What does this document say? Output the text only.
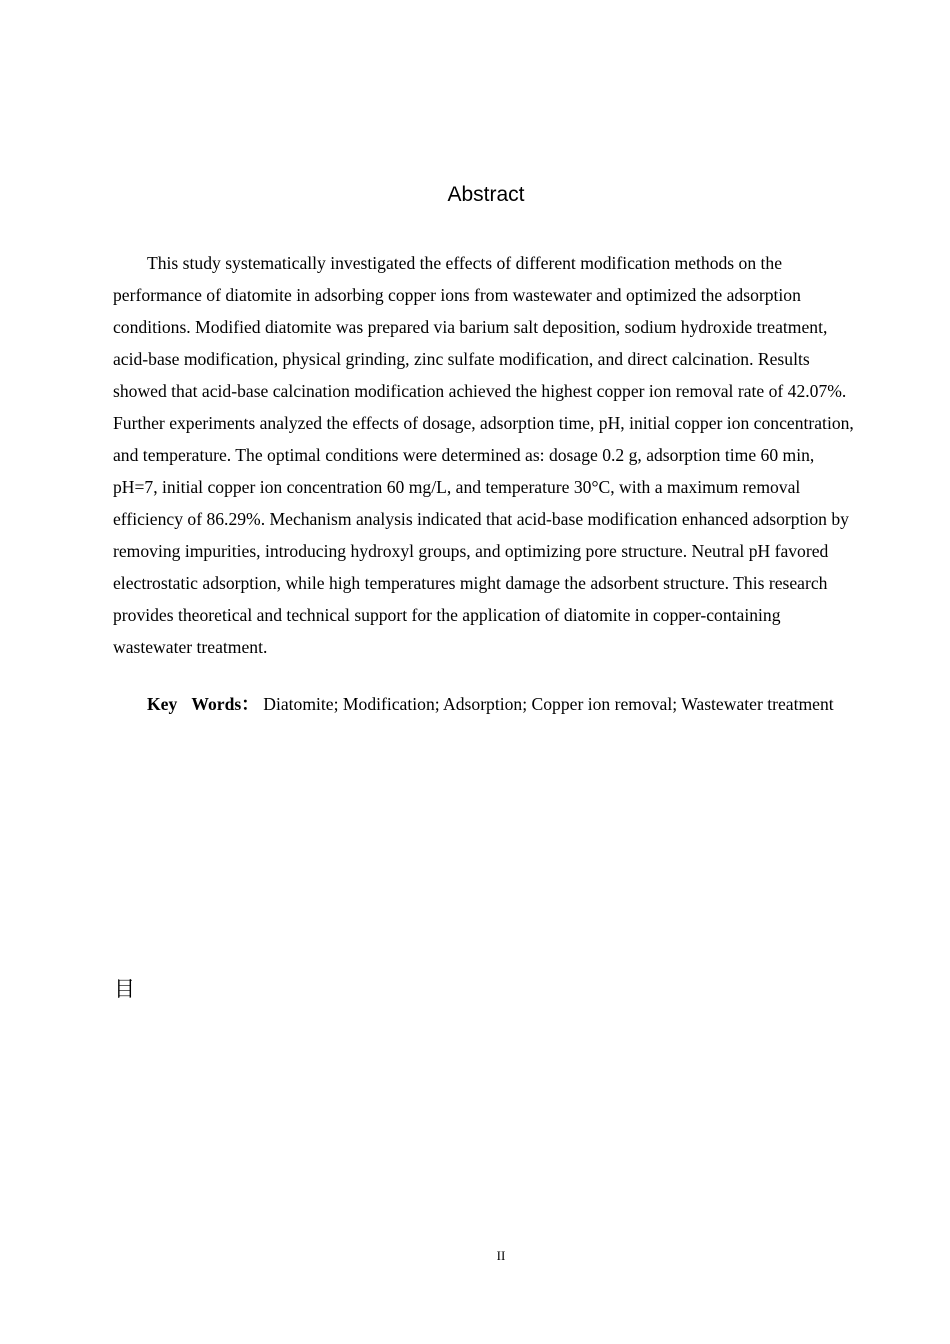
Abstract

This study systematically investigated the effects of different modification methods on the performance of diatomite in adsorbing copper ions from wastewater and optimized the adsorption conditions. Modified diatomite was prepared via barium salt deposition, sodium hydroxide treatment, acid-base modification, physical grinding, zinc sulfate modification, and direct calcination. Results showed that acid-base calcination modification achieved the highest copper ion removal rate of 42.07%. Further experiments analyzed the effects of dosage, adsorption time, pH, initial copper ion concentration, and temperature. The optimal conditions were determined as: dosage 0.2 g, adsorption time 60 min, pH=7, initial copper ion concentration 60 mg/L, and temperature 30°C, with a maximum removal efficiency of 86.29%. Mechanism analysis indicated that acid-base modification enhanced adsorption by removing impurities, introducing hydroxyl groups, and optimizing pore structure. Neutral pH favored electrostatic adsorption, while high temperatures might damage the adsorbent structure. This research provides theoretical and technical support for the application of diatomite in copper-containing wastewater treatment.

Key Words： Diatomite; Modification; Adsorption; Copper ion removal; Wastewater treatment

目
II
